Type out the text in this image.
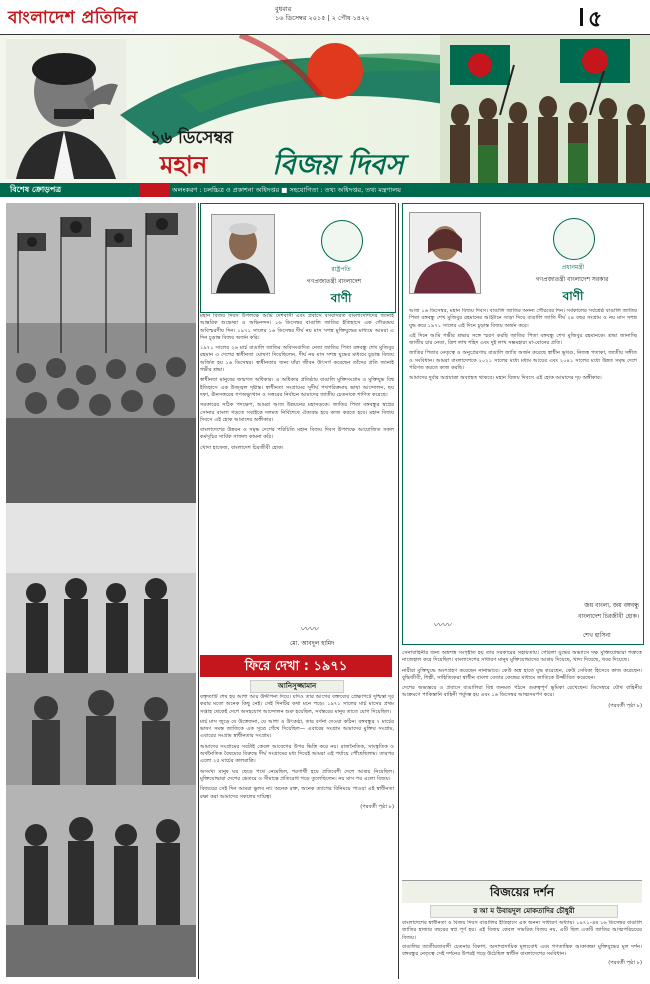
বাংলাদেশ প্রতিদিন	বুধবার
১৬ ডিসেম্বর ২০১৫ | ২ পৌষ ১৪২২	৫
১৬ ডিসেম্বর
মহান বিজয় দিবস
বিশেষ ক্রোড়পত্র	অলংকরণ : চলচ্চিত্র ও প্রকাশনা অধিদপ্তর ■ সহযোগিতা : তথ্য অধিদপ্তর, তথ্য মন্ত্রণালয়

মহান বিজয় দিবস উপলক্ষে আমি দেশবাসী এবং প্রবাসে বসবাসরত বাংলাদেশিদের জানাই আন্তরিক শুভেচ্ছা ও অভিনন্দন। ১৬ ডিসেম্বর বাঙালি জাতির ইতিহাসে এক গৌরবময় অবিস্মরণীয় দিন। ১৯৭১ সালের ১৬ ডিসেম্বর দীর্ঘ নয় মাস সশস্ত্র মুক্তিযুদ্ধের মাধ্যমে আমরা এ দিন চূড়ান্ত বিজয় অর্জন করি।

১৯৭১ সালের ২৬ মার্চ বাঙালি জাতির অবিসংবাদিত নেতা জাতির পিতা বঙ্গবন্ধু শেখ মুজিবুর রহমান এ দেশের স্বাধীনতা ঘোষণা দিয়েছিলেন, দীর্ঘ নয় মাস সশস্ত্র যুদ্ধের মাধ্যমে চূড়ান্ত বিজয় অর্জিত হয় ১৬ ডিসেম্বর। স্বাধীনতার জন্য যাঁরা জীবন উৎসর্গ করেছেন তাঁদের প্রতি জানাই গভীর শ্রদ্ধা।

স্বাধীনতা মানুষের জন্মগত অধিকার। এ অধিকার প্রতিষ্ঠায় বাঙালি মুক্তিসংগ্রাম ও মুক্তিযুদ্ধ বিশ্ব ইতিহাসে এক উজ্জ্বল দৃষ্টান্ত। স্বাধীনতা সংগ্রামের সুদীর্ঘ পথপরিক্রমায় ভাষা আন্দোলন, ছয় দফা, ঊনসত্তরের গণঅভ্যুত্থান ও সত্তরের নির্বাচন আমাদের জাতীয় চেতনাকে শাণিত করেছে।

সরকারের সঠিক পদক্ষেপ, আমরা আজ উন্নয়নের মহাসড়কে। জাতির পিতা বঙ্গবন্ধুর স্বপ্নের সোনার বাংলা গড়তে সবাইকে দলমত নির্বিশেষে ঐক্যবদ্ধ হয়ে কাজ করতে হবে। মহান বিজয় দিবসে এই হোক আমাদের অঙ্গীকার।

বাংলাদেশের উন্নয়ন ও সমৃদ্ধ দেশের পরিচিতি মহান বিজয় দিবস উপলক্ষে আয়োজিত সকল কর্মসূচির সার্বিক সাফল্য কামনা করি।

খোদা হাফেজ, বাংলাদেশ চিরজীবী হোক।

রাষ্ট্রপতি
গণপ্রজাতন্ত্রী বাংলাদেশ
বাণী
〰〰
মো. আবদুল হামিদ
প্রধানমন্ত্রী
গণপ্রজাতন্ত্রী বাংলাদেশ সরকার
বাণী

আজ ১৬ ডিসেম্বর, মহান বিজয় দিবস। বাঙালি জাতির অনন্য গৌরবের দিন। সর্বকালের সর্বশ্রেষ্ঠ বাঙালি জাতির পিতা বঙ্গবন্ধু শেখ মুজিবুর রহমানের আহ্বানে সাড়া দিয়ে বাঙালি জাতি দীর্ঘ ২৪ বছর সংগ্রাম ও নয় মাস সশস্ত্র যুদ্ধ করে ১৯৭১ সালের এই দিনে চূড়ান্ত বিজয় অর্জন করে।

এই দিনে আমি গভীর শ্রদ্ধার সঙ্গে স্মরণ করছি জাতির পিতা বঙ্গবন্ধু শেখ মুজিবুর রহমানকে। শ্রদ্ধা জানাচ্ছি জাতীয় চার নেতা, ত্রিশ লাখ শহিদ এবং দুই লাখ সম্ভ্রমহারা মা-বোনের প্রতি।

জাতির পিতার নেতৃত্বে ও অনুপ্রেরণায় বাঙালি জাতি অর্জন করেছে স্বাধীন ভূখণ্ড, নিজস্ব পতাকা, জাতীয় সঙ্গীত ও সংবিধান। আমরা বাংলাদেশকে ২০২১ সালের মধ্যে মধ্যম আয়ের এবং ২০৪১ সালের মধ্যে উন্নত সমৃদ্ধ দেশে পরিণত করতে কাজ করছি।

আমাদের দুর্বার অগ্রযাত্রা অব্যাহত থাকবে। মহান বিজয় দিবসে এই হোক আমাদের দৃঢ় অঙ্গীকার।

জয় বাংলা, জয় বঙ্গবন্ধু
বাংলাদেশ চিরজীবী হোক।
〰〰
শেখ হাসিনা
ফিরে দেখা : ১৯৭১
আনিসুজ্জামান

বক্তৃতাটি শেষ হয় আশা আর উদ্দীপনা দিয়ে। যদিও তার আগের বক্তব্যের প্রেক্ষাপটে দুশ্চিন্তা দূর করার মতো অনেক কিছু নেই। সেই দিনটির কথা মনে পড়ে। ১৯৭১ সালের মার্চ মাসের প্রথম সপ্তাহ থেকেই দেশে অসহযোগ আন্দোলন শুরু হয়েছিল, সর্বস্তরের মানুষ তাতে যোগ দিয়েছিল।

মার্চ মাস জুড়ে যে উত্তেজনা, যে আশা ও উৎকণ্ঠা, তার বর্ণনা দেওয়া কঠিন। বঙ্গবন্ধুর ৭ মার্চের ভাষণ সমস্ত জাতিকে এক সূত্রে গেঁথে দিয়েছিল— এবারের সংগ্রাম আমাদের মুক্তির সংগ্রাম, এবারের সংগ্রাম স্বাধীনতার সংগ্রাম।

আমাদের সংগ্রামের সবটাই কেবল আবেগের উপর ভিত্তি করে নয়। রাজনৈতিক, সাংস্কৃতিক ও অর্থনৈতিক বৈষম্যের বিরুদ্ধে দীর্ঘ সংগ্রামের মধ্য দিয়েই আমরা এই পর্যায়ে পৌঁছেছিলাম। তারপর এলো ২৫ মার্চের কালরাত্রি।

অসংখ্য মানুষ ঘর ছেড়ে পথে নেমেছিল, শরণার্থী হয়ে প্রতিবেশী দেশে আশ্রয় নিয়েছিল। মুক্তিযোদ্ধারা দেশের ভেতরে ও সীমান্তে প্রতিরোধ গড়ে তুলেছিলেন। নয় মাস পর এলো বিজয়।

বিজয়ের সেই দিন আমরা ভুলব না। অনেক রক্ত, অনেক ত্যাগের বিনিময়ে পাওয়া এই স্বাধীনতা রক্ষা করা আমাদের সকলের দায়িত্ব।

(পরবর্তী পৃষ্ঠা ৮)

সেনাবাহিনীর জন্য অস্ত্রশস্ত্র সংগৃহীত হয় তার সরকারের সহায়তায়। গেরিলা যুদ্ধের অভ্যাসে দক্ষ মুক্তিযোদ্ধারা শত্রুকে নাজেহাল করে দিয়েছিল। বাংলাদেশের সাধারণ মানুষ মুক্তিযোদ্ধাদের আশ্রয় দিয়েছে, খাদ্য দিয়েছে, খবর দিয়েছে।

নারীরা মুক্তিযুদ্ধে অংশগ্রহণ করেছেন নানাভাবে। কেউ অস্ত্র হাতে যুদ্ধ করেছেন, কেউ সেবিকা হিসেবে কাজ করেছেন। বুদ্ধিজীবী, শিল্পী, সাহিত্যিকরা স্বাধীন বাংলা বেতার কেন্দ্রের মাধ্যমে জাতিকে উজ্জীবিত করেছেন।

দেশের অভ্যন্তরে ও প্রবাসে বাঙালিরা বিশ্ব জনমত গঠনে গুরুত্বপূর্ণ ভূমিকা রেখেছেন। ডিসেম্বরে যৌথ বাহিনীর আক্রমণে পাকিস্তানি বাহিনী পর্যুদস্ত হয় এবং ১৬ ডিসেম্বর আত্মসমর্পণ করে।

(পরবর্তী পৃষ্ঠা ৮)

বিজয়ের দর্শন
র আ ম উবায়দুল মোকতাদির চৌধুরী

বাংলাদেশের স্বাধীনতা ও বিজয় দিবস বাঙালির ইতিহাসে এক অনন্য সাধারণ অধ্যায়। ১৯৭১-এর ১৬ ডিসেম্বর বাঙালি জাতির হাজার বছরের স্বপ্ন পূর্ণ হয়। এই বিজয় কেবল সামরিক বিজয় নয়, এটি ছিল একটি জাতির আত্মপরিচয়ের বিজয়।

বাঙালির জাতীয়তাবাদী চেতনার বিকাশ, অসাম্প্রদায়িক মূল্যবোধ এবং গণতান্ত্রিক আকাঙ্ক্ষা মুক্তিযুদ্ধের মূল দর্শন। বঙ্গবন্ধুর নেতৃত্বে সেই দর্শনের উপরই গড়ে উঠেছিল স্বাধীন বাংলাদেশের সংবিধান।

(পরবর্তী পৃষ্ঠা ৮)
